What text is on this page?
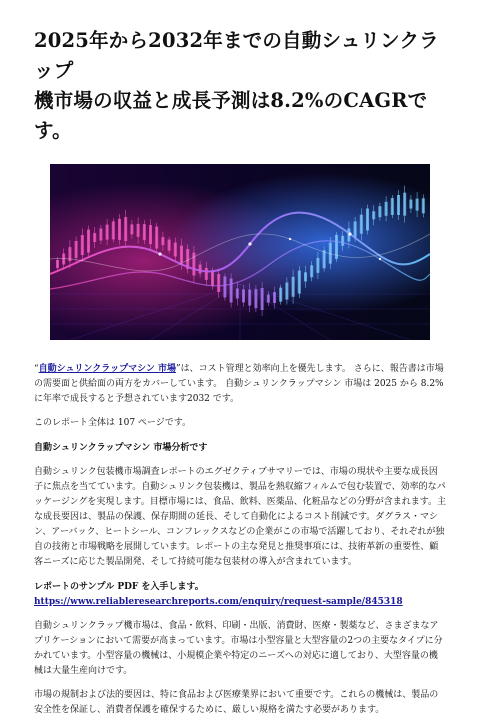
2025年から2032年までの自動シュリンクラップ
機市場の収益と成長予測は8.2%のCAGRです。

“自動シュリンクラップマシン 市場”は、コスト管理と効率向上を優先します。 さらに、報告書は市場の需要面と供給面の両方をカバーしています。 自動シュリンクラップマシン 市場は 2025 から 8.2% に年率で成長すると予想されています2032 です。

このレポート全体は 107 ページです。

自動シュリンクラップマシン 市場分析です

自動シュリンク包装機市場調査レポートのエグゼクティブサマリーでは、市場の現状や主要な成長因子に焦点を当てています。自動シュリンク包装機は、製品を熱収縮フィルムで包む装置で、効率的なパッケージングを実現します。目標市場には、食品、飲料、医薬品、化粧品などの分野が含まれます。主な成長要因は、製品の保護、保存期間の延長、そして自動化によるコスト削減です。ダグラス・マシン、アーバック、ヒートシール、コンフレックスなどの企業がこの市場で活躍しており、それぞれが独自の技術と市場戦略を展開しています。レポートの主な発見と推奨事項には、技術革新の重要性、顧客ニーズに応じた製品開発、そして持続可能な包装材の導入が含まれています。

レポートのサンプル PDF を入手します。 https://www.reliableresearchreports.com/enquiry/request-sample/845318

自動シュリンクラップ機市場は、食品・飲料、印刷・出版、消費財、医療・製薬など、さまざまなアプリケーションにおいて需要が高まっています。市場は小型容量と大型容量の2つの主要なタイプに分かれています。小型容量の機械は、小規模企業や特定のニーズへの対応に適しており、大型容量の機械は大量生産向けです。

市場の規制および法的要因は、特に食品および医療業界において重要です。これらの機械は、製品の安全性を保証し、消費者保護を確保するために、厳しい規格を満たす必要があります。
